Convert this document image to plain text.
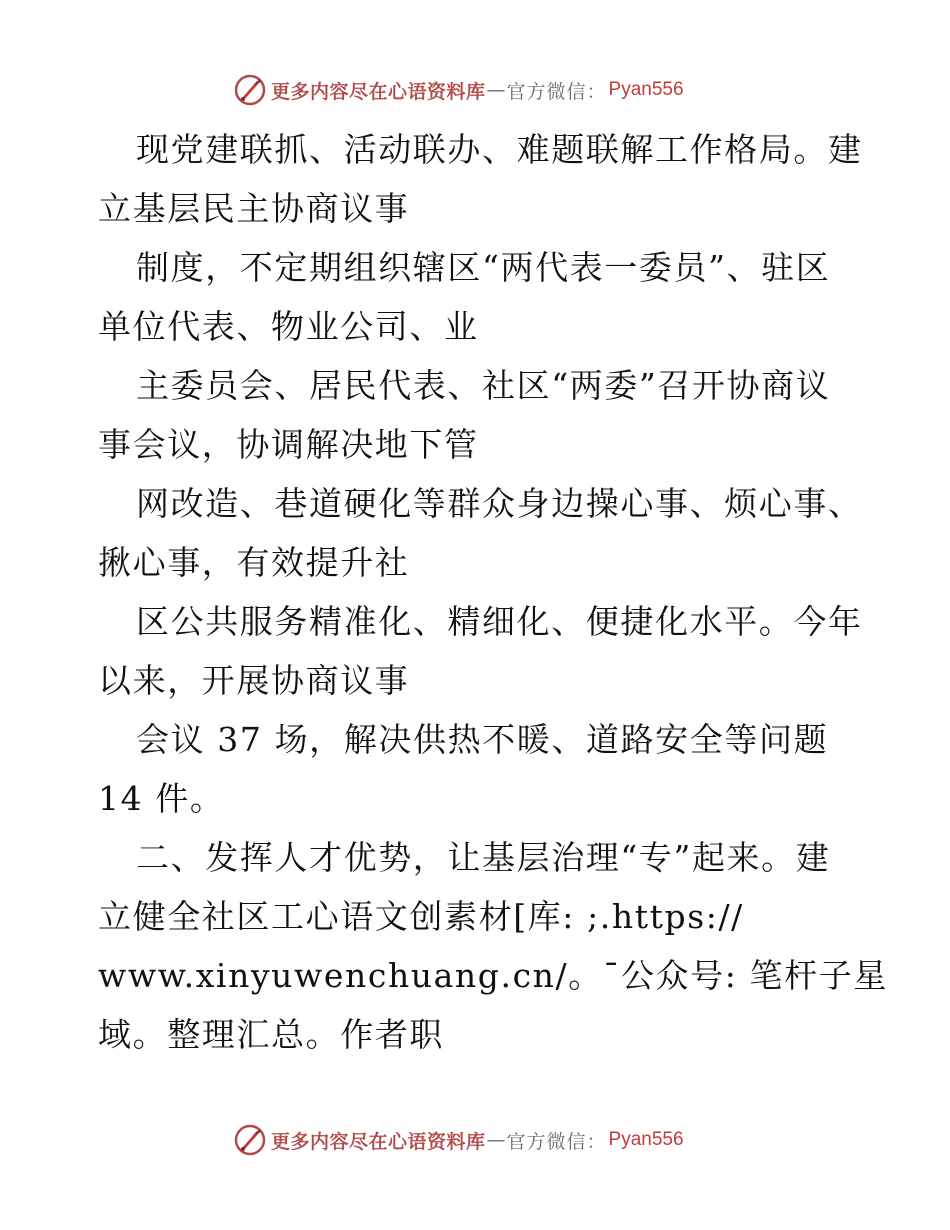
更多内容尽在心语资料库 — 官方微信： Pyan556
现党建联抓、活动联办、难题联解工作格局。建
立基层民主协商议事
制度，不定期组织辖区“两代表一委员”、驻区
单位代表、物业公司、业
主委员会、居民代表、社区“两委”召开协商议
事会议，协调解决地下管
网改造、巷道硬化等群众身边操心事、烦心事、
揪心事，有效提升社
区公共服务精准化、精细化、便捷化水平。今年
以来，开展协商议事
会议 37 场，解决供热不暖、道路安全等问题
14 件。
二、发挥人才优势，让基层治理“专”起来。建
立健全社区工心语文创素材[库: ;.https://
www.xinyuwenchuang.cn/。¯公众号: 笔杆子星
域。整理汇总。作者职
更多内容尽在心语资料库 — 官方微信： Pyan556
